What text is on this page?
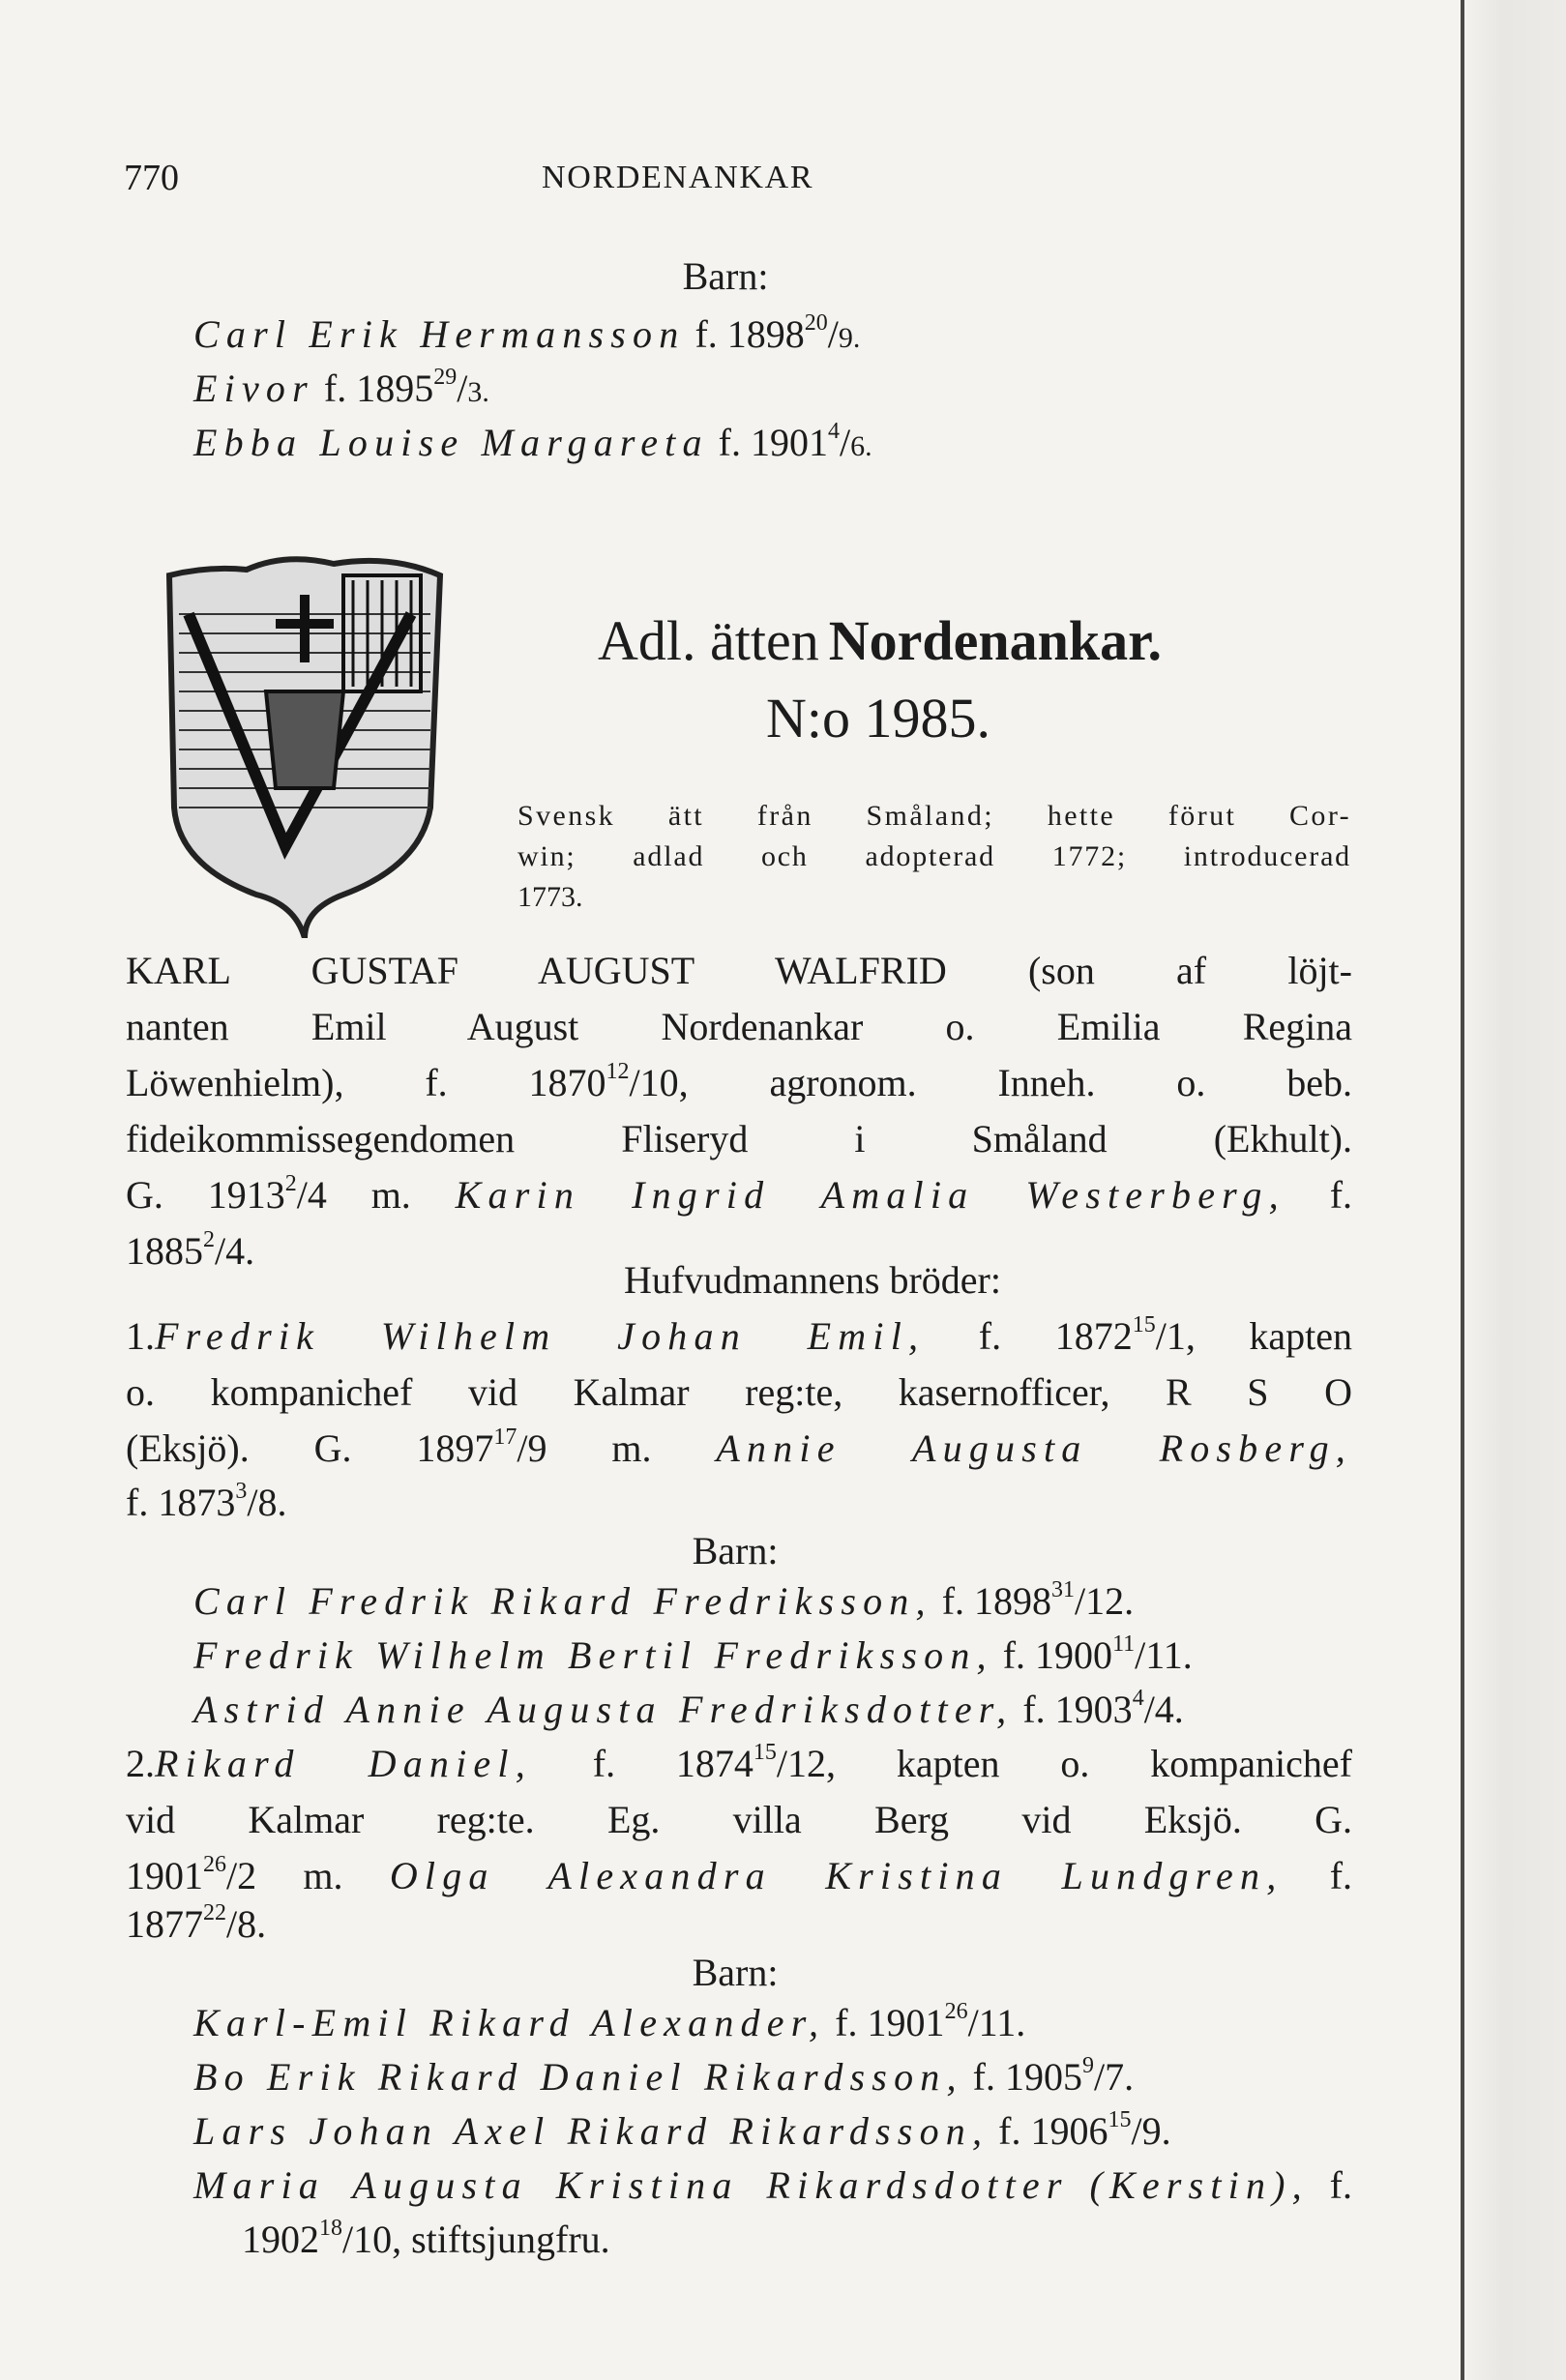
770	NORDENANKAR
Barn:
Carl Erik Hermansson f. 1898$^{20}$/9.
Eivor f. 1895$^{29}$/3.
Ebba Louise Margareta f. 1901$^4$/6.
Adl. ätten Nordenankar.
N:o 1985.
Svensk ätt från Småland; hette förut Cor-
win; adlad och adopterad 1772; introducerad
1773.
KARL GUSTAF AUGUST WALFRID (son af löjt-
nanten Emil August Nordenankar o. Emilia Regina
Löwenhielm), f. 1870$^{12}$/10, agronom. Inneh. o. beb.
fideikommissegendomen Fliseryd i Småland (Ekhult).
G. 1913$^2$/4 m. Karin Ingrid Amalia Westerberg, f.
1885$^2$/4.
Hufvudmannens bröder:
1.Fredrik Wilhelm Johan Emil, f. 1872$^{15}$/1, kapten
o. kompanichef vid Kalmar reg:te, kasernofficer, R S O
(Eksjö). G. 1897$^{17}$/9 m. Annie Augusta Rosberg,
f. 1873$^3$/8.
Barn:
Carl Fredrik Rikard Fredriksson, f. 1898$^{31}$/12.
Fredrik Wilhelm Bertil Fredriksson, f. 1900$^{11}$/11.
Astrid Annie Augusta Fredriksdotter, f. 1903$^4$/4.
2.Rikard Daniel, f. 1874$^{15}$/12, kapten o. kompanichef
vid Kalmar reg:te. Eg. villa Berg vid Eksjö. G.
1901$^{26}$/2 m. Olga Alexandra Kristina Lundgren, f.
1877$^{22}$/8.
Barn:
Karl-Emil Rikard Alexander, f. 1901$^{26}$/11.
Bo Erik Rikard Daniel Rikardsson, f. 1905$^9$/7.
Lars Johan Axel Rikard Rikardsson, f. 1906$^{15}$/9.
Maria Augusta Kristina Rikardsdotter (Kerstin), f.
1902$^{18}$/10, stiftsjungfru.
